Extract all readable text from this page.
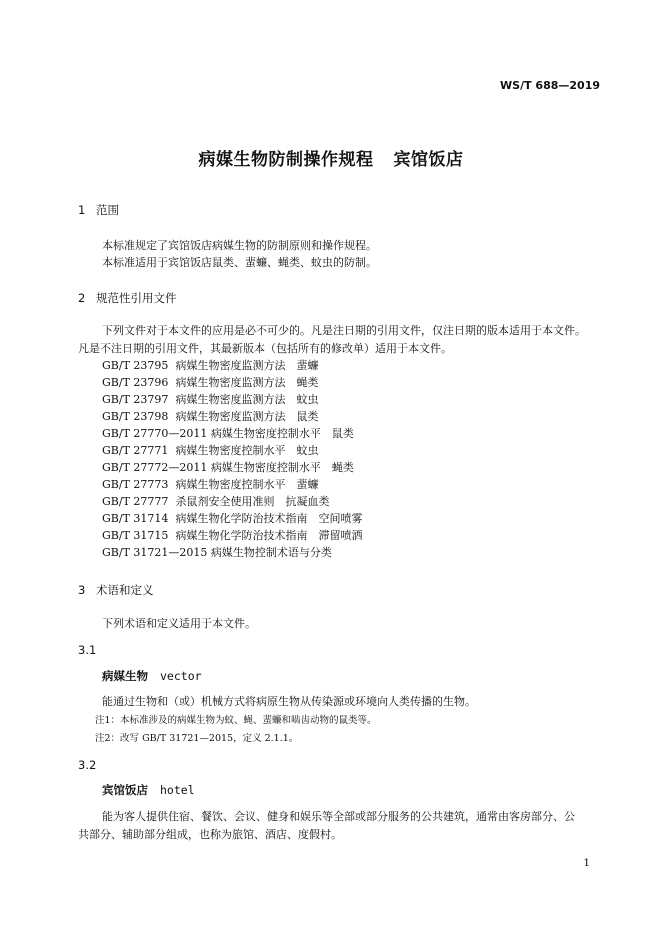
WS/T 688—2019
病媒生物防制操作规程 宾馆饭店
1 范围
本标准规定了宾馆饭店病媒生物的防制原则和操作规程。
本标准适用于宾馆饭店鼠类、蜚蠊、蝇类、蚊虫的防制。
2 规范性引用文件
下列文件对于本文件的应用是必不可少的。凡是注日期的引用文件，仅注日期的版本适用于本文件。
凡是不注日期的引用文件，其最新版本（包括所有的修改单）适用于本文件。
GB/T 23795 病媒生物密度监测方法　蜚蠊
GB/T 23796 病媒生物密度监测方法　蝇类
GB/T 23797 病媒生物密度监测方法　蚊虫
GB/T 23798 病媒生物密度监测方法　鼠类
GB/T 27770—2011 病媒生物密度控制水平　鼠类
GB/T 27771 病媒生物密度控制水平　蚊虫
GB/T 27772—2011 病媒生物密度控制水平　蝇类
GB/T 27773 病媒生物密度控制水平　蜚蠊
GB/T 27777 杀鼠剂安全使用准则　抗凝血类
GB/T 31714 病媒生物化学防治技术指南　空间喷雾
GB/T 31715 病媒生物化学防治技术指南　滞留喷洒
GB/T 31721—2015 病媒生物控制术语与分类
3 术语和定义
下列术语和定义适用于本文件。
3.1
病媒生物 vector
能通过生物和（或）机械方式将病原生物从传染源或环境向人类传播的生物。
注1：本标准涉及的病媒生物为蚊、蝇、蜚蠊和啮齿动物的鼠类等。
注2：改写 GB/T 31721—2015，定义 2.1.1。
3.2
宾馆饭店 hotel
能为客人提供住宿、餐饮、会议、健身和娱乐等全部或部分服务的公共建筑，通常由客房部分、公
共部分、辅助部分组成，也称为旅馆、酒店、度假村。
1
